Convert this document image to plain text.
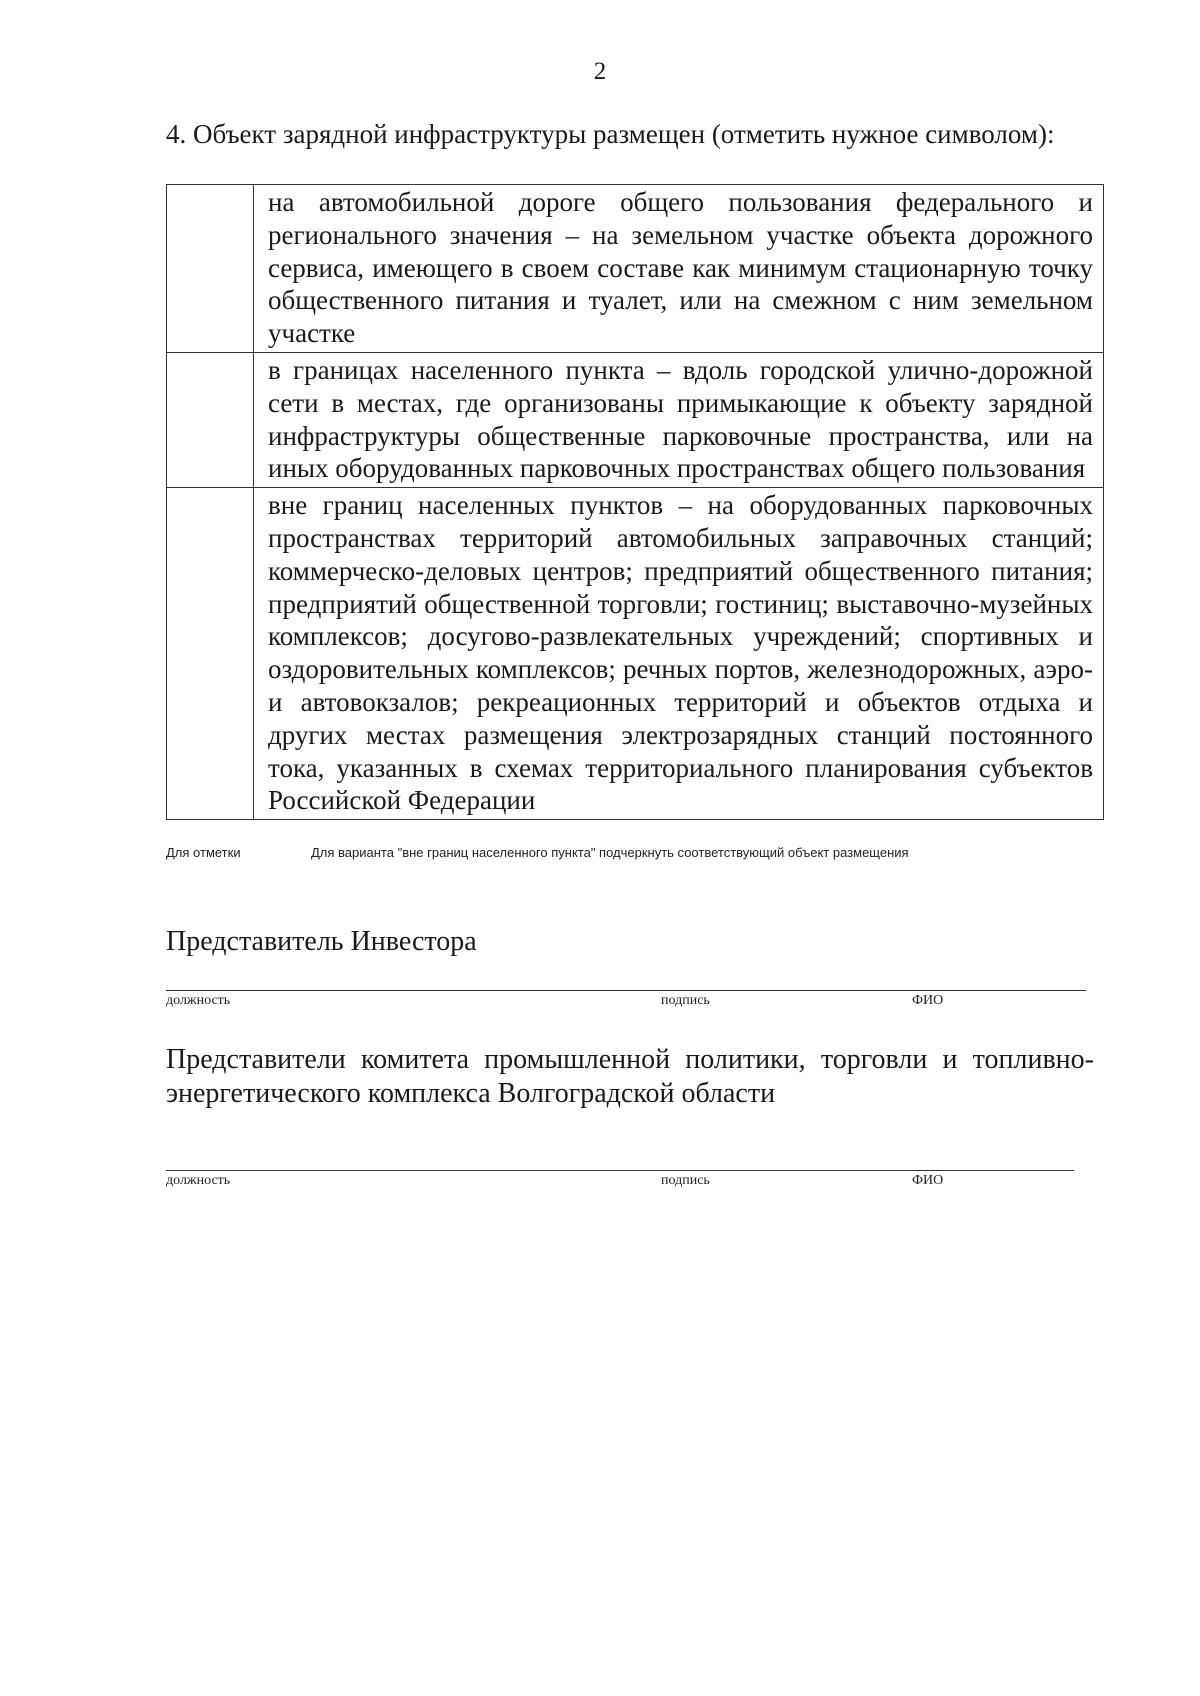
2
4. Объект зарядной инфраструктуры размещен (отметить нужное символом):
	на автомобильной дороге общего пользования федерального и регионального значения – на земельном участке объекта дорожного сервиса, имеющего в своем составе как минимум стационарную точку общественного питания и туалет, или на смежном с ним земельном участке
	в границах населенного пункта – вдоль городской улично-дорожной сети в местах, где организованы примыкающие к объекту зарядной инфраструктуры общественные парковочные пространства, или на иных оборудованных парковочных пространствах общего пользования
	вне границ населенных пунктов – на оборудованных парковочных пространствах территорий автомобильных заправочных станций; коммерческо-деловых центров; предприятий общественного питания; предприятий общественной торговли; гостиниц; выставочно-музейных комплексов; досугово-развлекательных учреждений; спортивных и оздоровительных комплексов; речных портов, железнодорожных, аэро- и автовокзалов; рекреационных территорий и объектов отдыха и других местах размещения электрозарядных станций постоянного тока, указанных в схемах территориального планирования субъектов Российской Федерации
Для отметки	Для варианта "вне границ населенного пункта" подчеркнуть соответствующий объект размещения
Представитель Инвестора
должность	подпись	ФИО
Представители комитета промышленной политики, торговли и топливно-энергетического комплекса Волгоградской области
должность	подпись	ФИО
